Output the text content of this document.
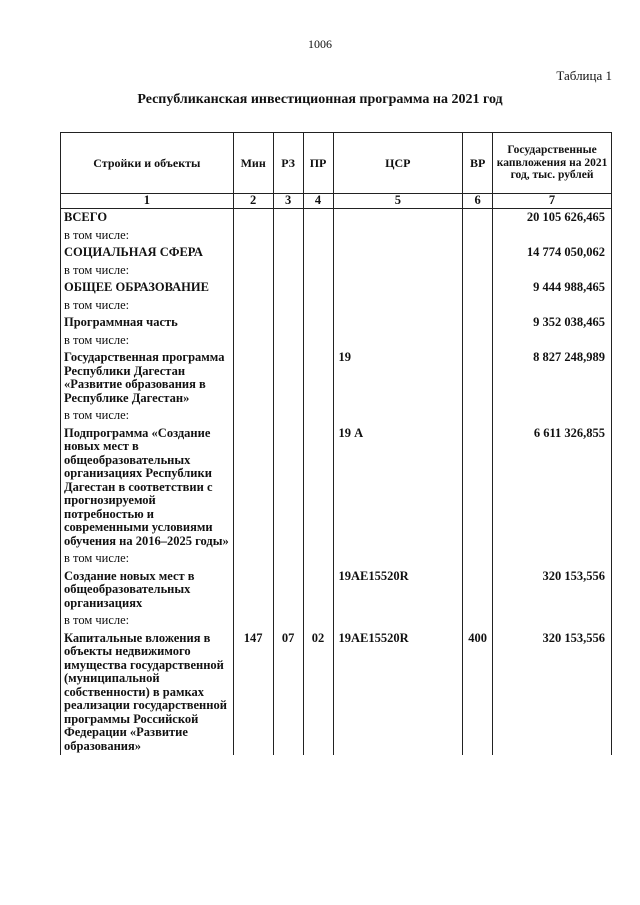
1006
Таблица 1
Республиканская инвестиционная программа на 2021 год
Стройки и объекты	Мин	РЗ	ПР	ЦСР	ВР	Государственные капвложения на 2021 год, тыс. рублей
1	2	3	4	5	6	7
ВСЕГО						20 105 626,465
в том числе:						
СОЦИАЛЬНАЯ СФЕРА						14 774 050,062
в том числе:						
ОБЩЕЕ ОБРАЗОВАНИЕ						9 444 988,465
в том числе:						
Программная часть						9 352 038,465
в том числе:						
Государственная программа Республики Дагестан «Развитие образования в Республике Дагестан»				19		8 827 248,989
в том числе:						
Подпрограмма «Создание новых мест в общеобразовательных организациях Республики Дагестан в соответствии с прогнозируемой потребностью и современными условиями обучения на 2016–2025 годы»				19 А		6 611 326,855
в том числе:						
Создание новых мест в общеобразовательных организациях				19AE15520R		320 153,556
в том числе:						
Капитальные вложения в объекты недвижимого имущества государственной (муниципальной собственности) в рамках реализации государственной программы Российской Федерации «Развитие образования»	147	07	02	19AE15520R	400	320 153,556
